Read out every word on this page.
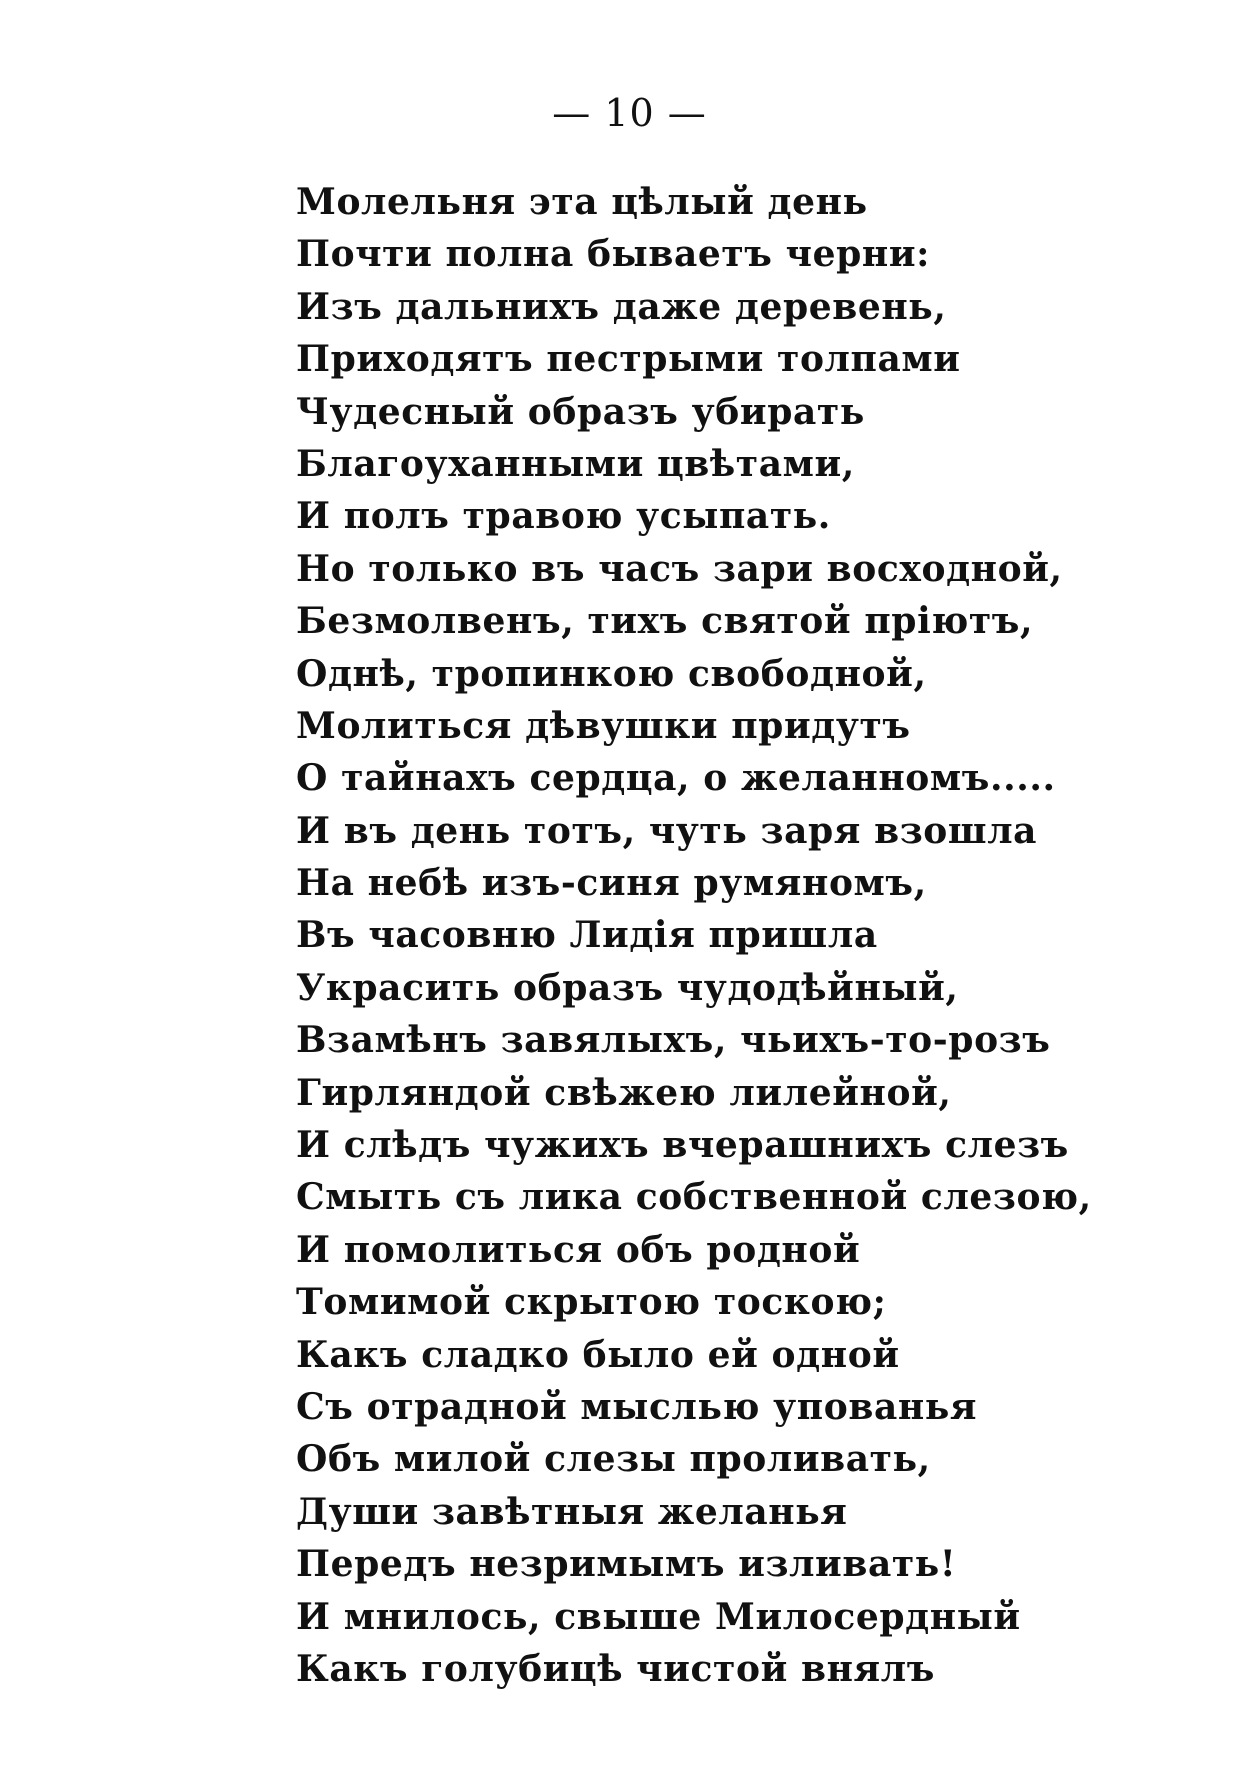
— 10 —
Молельня эта цѣлый день
Почти полна бываетъ черни:
Изъ дальнихъ даже деревень,
Приходятъ пестрыми толпами
Чудесный образъ убирать
Благоуханными цвѣтами,
И полъ травою усыпать.
Но только въ часъ зари восходной,
Безмолвенъ, тихъ святой пріютъ,
Однѣ, тропинкою свободной,
Молиться дѣвушки придутъ
О тайнахъ сердца, о желанномъ.....
И въ день тотъ, чуть заря взошла
На небѣ изъ-синя румяномъ,
Въ часовню Лидія пришла
Украсить образъ чудодѣйный,
Взамѣнъ завялыхъ, чьихъ-то-розъ
Гирляндой свѣжею лилейной,
И слѣдъ чужихъ вчерашнихъ слезъ
Смыть съ лика собственной слезою,
И помолиться объ родной
Томимой скрытою тоскою;
Какъ сладко было ей одной
Съ отрадной мыслью упованья
Объ милой слезы проливать,
Души завѣтныя желанья
Передъ незримымъ изливать!
И мнилось, свыше Милосердный
Какъ голубицѣ чистой внялъ
